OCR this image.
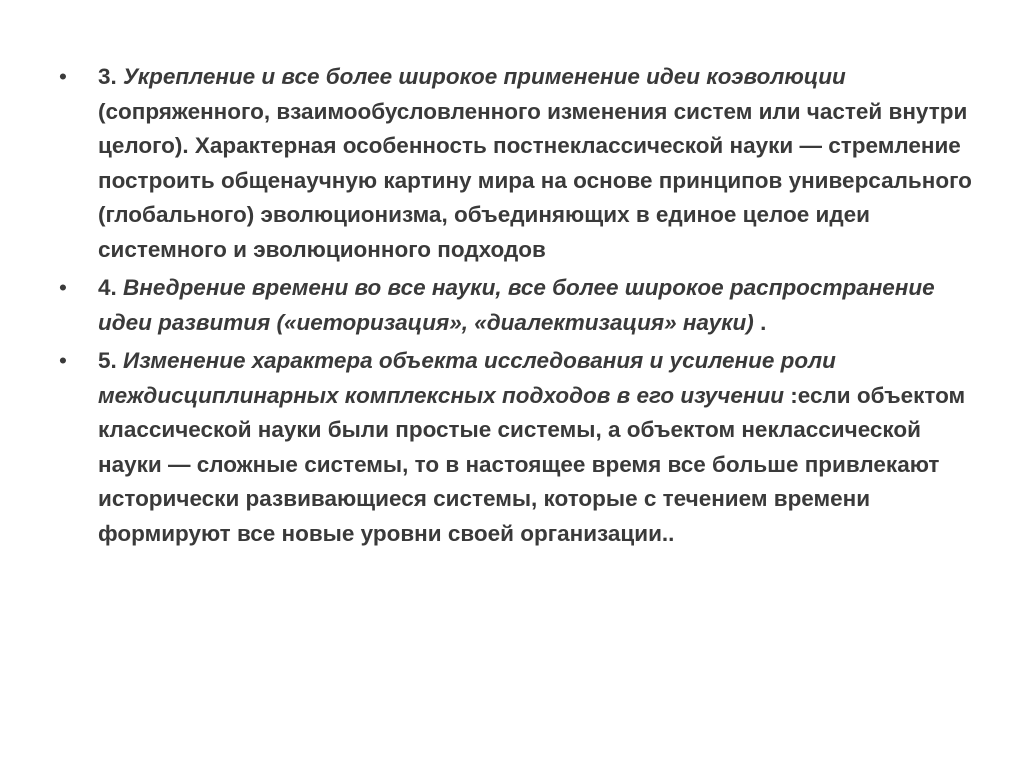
• 3. Укрепление и все более широкое применение идеи коэволюции (сопряженного, взаимообусловленного изменения систем или частей внутри целого). Характерная особенность постнеклассической науки — стремление построить общенаучную картину мира на основе принципов универсального (глобального) эволюционизма, объединяющих в единое целое идеи системного и эволюционного подходов
• 4. Внедрение времени во все науки, все более широкое распространение идеи развития («иеторизация», «диалектизация» науки) .
• 5. Изменение характера объекта исследования и усиление роли междисциплинарных комплексных подходов в его изучении :если объектом классической науки были простые системы, а объектом неклассической науки — сложные системы, то в настоящее время все больше привлекают исторически развивающиеся системы, которые с течением времени формируют все новые уровни своей организации..
